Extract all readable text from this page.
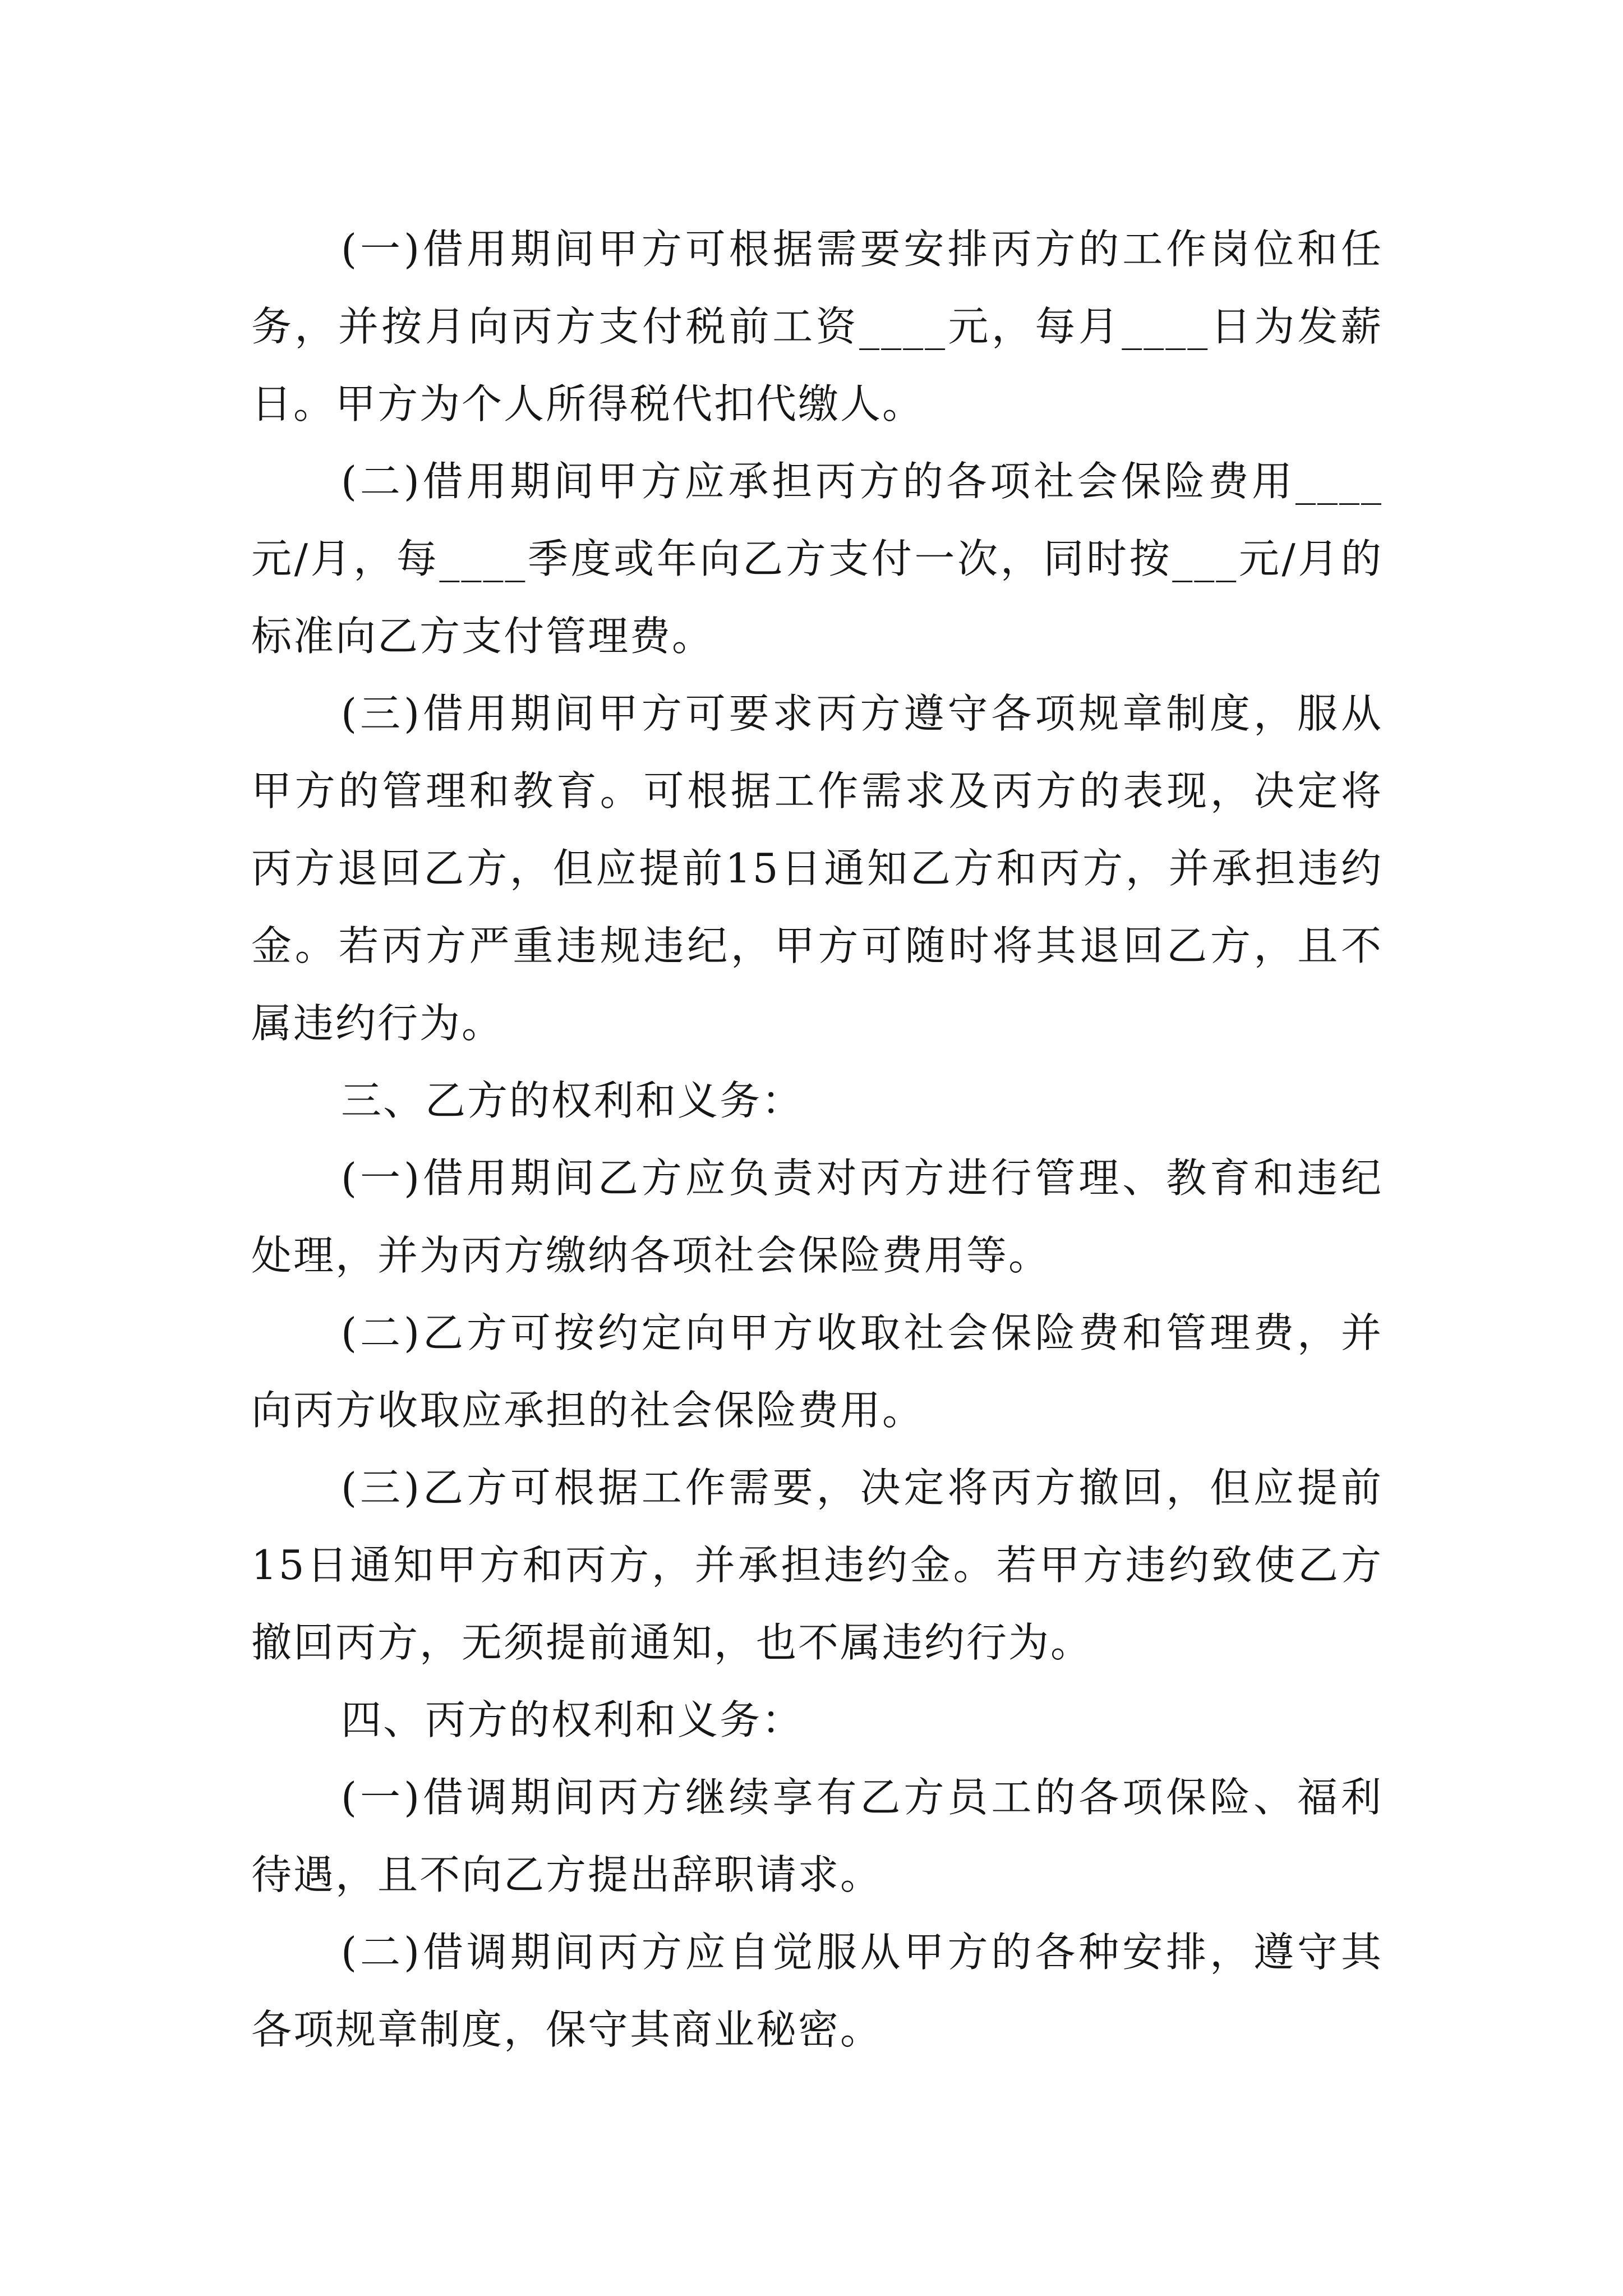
(一)借用期间甲方可根据需要安排丙方的工作岗位和任务，并按月向丙方支付税前工资____元，每月____日为发薪日。甲方为个人所得税代扣代缴人。

(二)借用期间甲方应承担丙方的各项社会保险费用____元/月，每____季度或年向乙方支付一次，同时按___元/月的标准向乙方支付管理费。

(三)借用期间甲方可要求丙方遵守各项规章制度，服从甲方的管理和教育。可根据工作需求及丙方的表现，决定将丙方退回乙方，但应提前15日通知乙方和丙方，并承担违约金。若丙方严重违规违纪，甲方可随时将其退回乙方，且不属违约行为。

三、乙方的权利和义务：

(一)借用期间乙方应负责对丙方进行管理、教育和违纪处理，并为丙方缴纳各项社会保险费用等。

(二)乙方可按约定向甲方收取社会保险费和管理费，并向丙方收取应承担的社会保险费用。

(三)乙方可根据工作需要，决定将丙方撤回，但应提前15日通知甲方和丙方，并承担违约金。若甲方违约致使乙方撤回丙方，无须提前通知，也不属违约行为。

四、丙方的权利和义务：

(一)借调期间丙方继续享有乙方员工的各项保险、福利待遇，且不向乙方提出辞职请求。

(二)借调期间丙方应自觉服从甲方的各种安排，遵守其各项规章制度，保守其商业秘密。
